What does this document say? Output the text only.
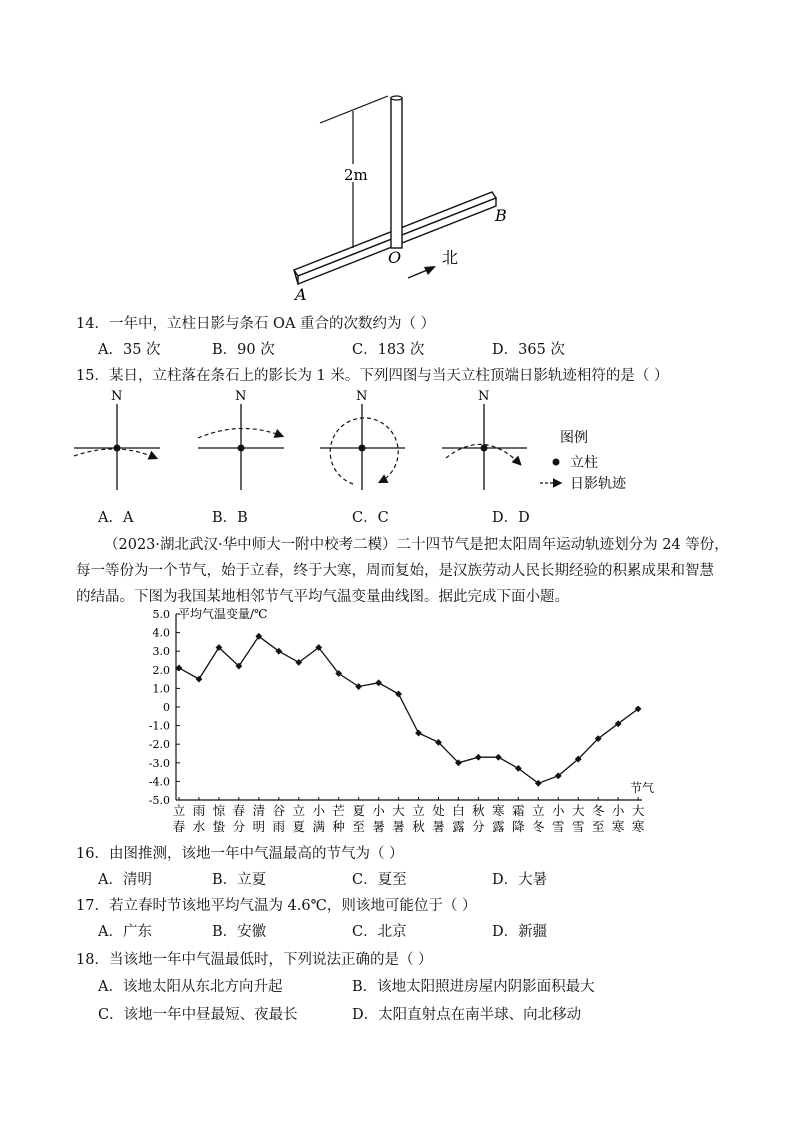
2m
O
A
B
北
14．一年中，立柱日影与条石 OA 重合的次数约为（ ）
A．35 次	B．90 次	C．183 次	D．365 次
15．某日，立柱落在条石上的影长为 1 米。下列四图与当天立柱顶端日影轨迹相符的是（ ）
N	N	N	N
图例
立柱
日影轨迹
A．A	B．B	C．C	D．D
（2023·湖北武汉·华中师大一附中校考二模）二十四节气是把太阳周年运动轨迹划分为 24 等份，
每一等份为一个节气，始于立春，终于大寒，周而复始，是汉族劳动人民长期经验的积累成果和智慧
的结晶。下图为我国某地相邻节气平均气温变量曲线图。据此完成下面小题。
5.0
4.0
3.0
2.0
1.0
0
-1.0
-2.0
-3.0
-4.0
-5.0
平均气温变量/℃
节气
立
春
雨
水
惊
蛰
春
分
清
明
谷
雨
立
夏
小
满
芒
种
夏
至
小
暑
大
暑
立
秋
处
暑
白
露
秋
分
寒
露
霜
降
立
冬
小
雪
大
雪
冬
至
小
寒
大
寒
16．由图推测，该地一年中气温最高的节气为（ ）
A．清明	B．立夏	C．夏至	D．大暑
17．若立春时节该地平均气温为 4.6℃，则该地可能位于（ ）
A．广东	B．安徽	C．北京	D．新疆
18．当该地一年中气温最低时，下列说法正确的是（ ）
A．该地太阳从东北方向升起	B．该地太阳照进房屋内阴影面积最大
C．该地一年中昼最短、夜最长	D．太阳直射点在南半球、向北移动
